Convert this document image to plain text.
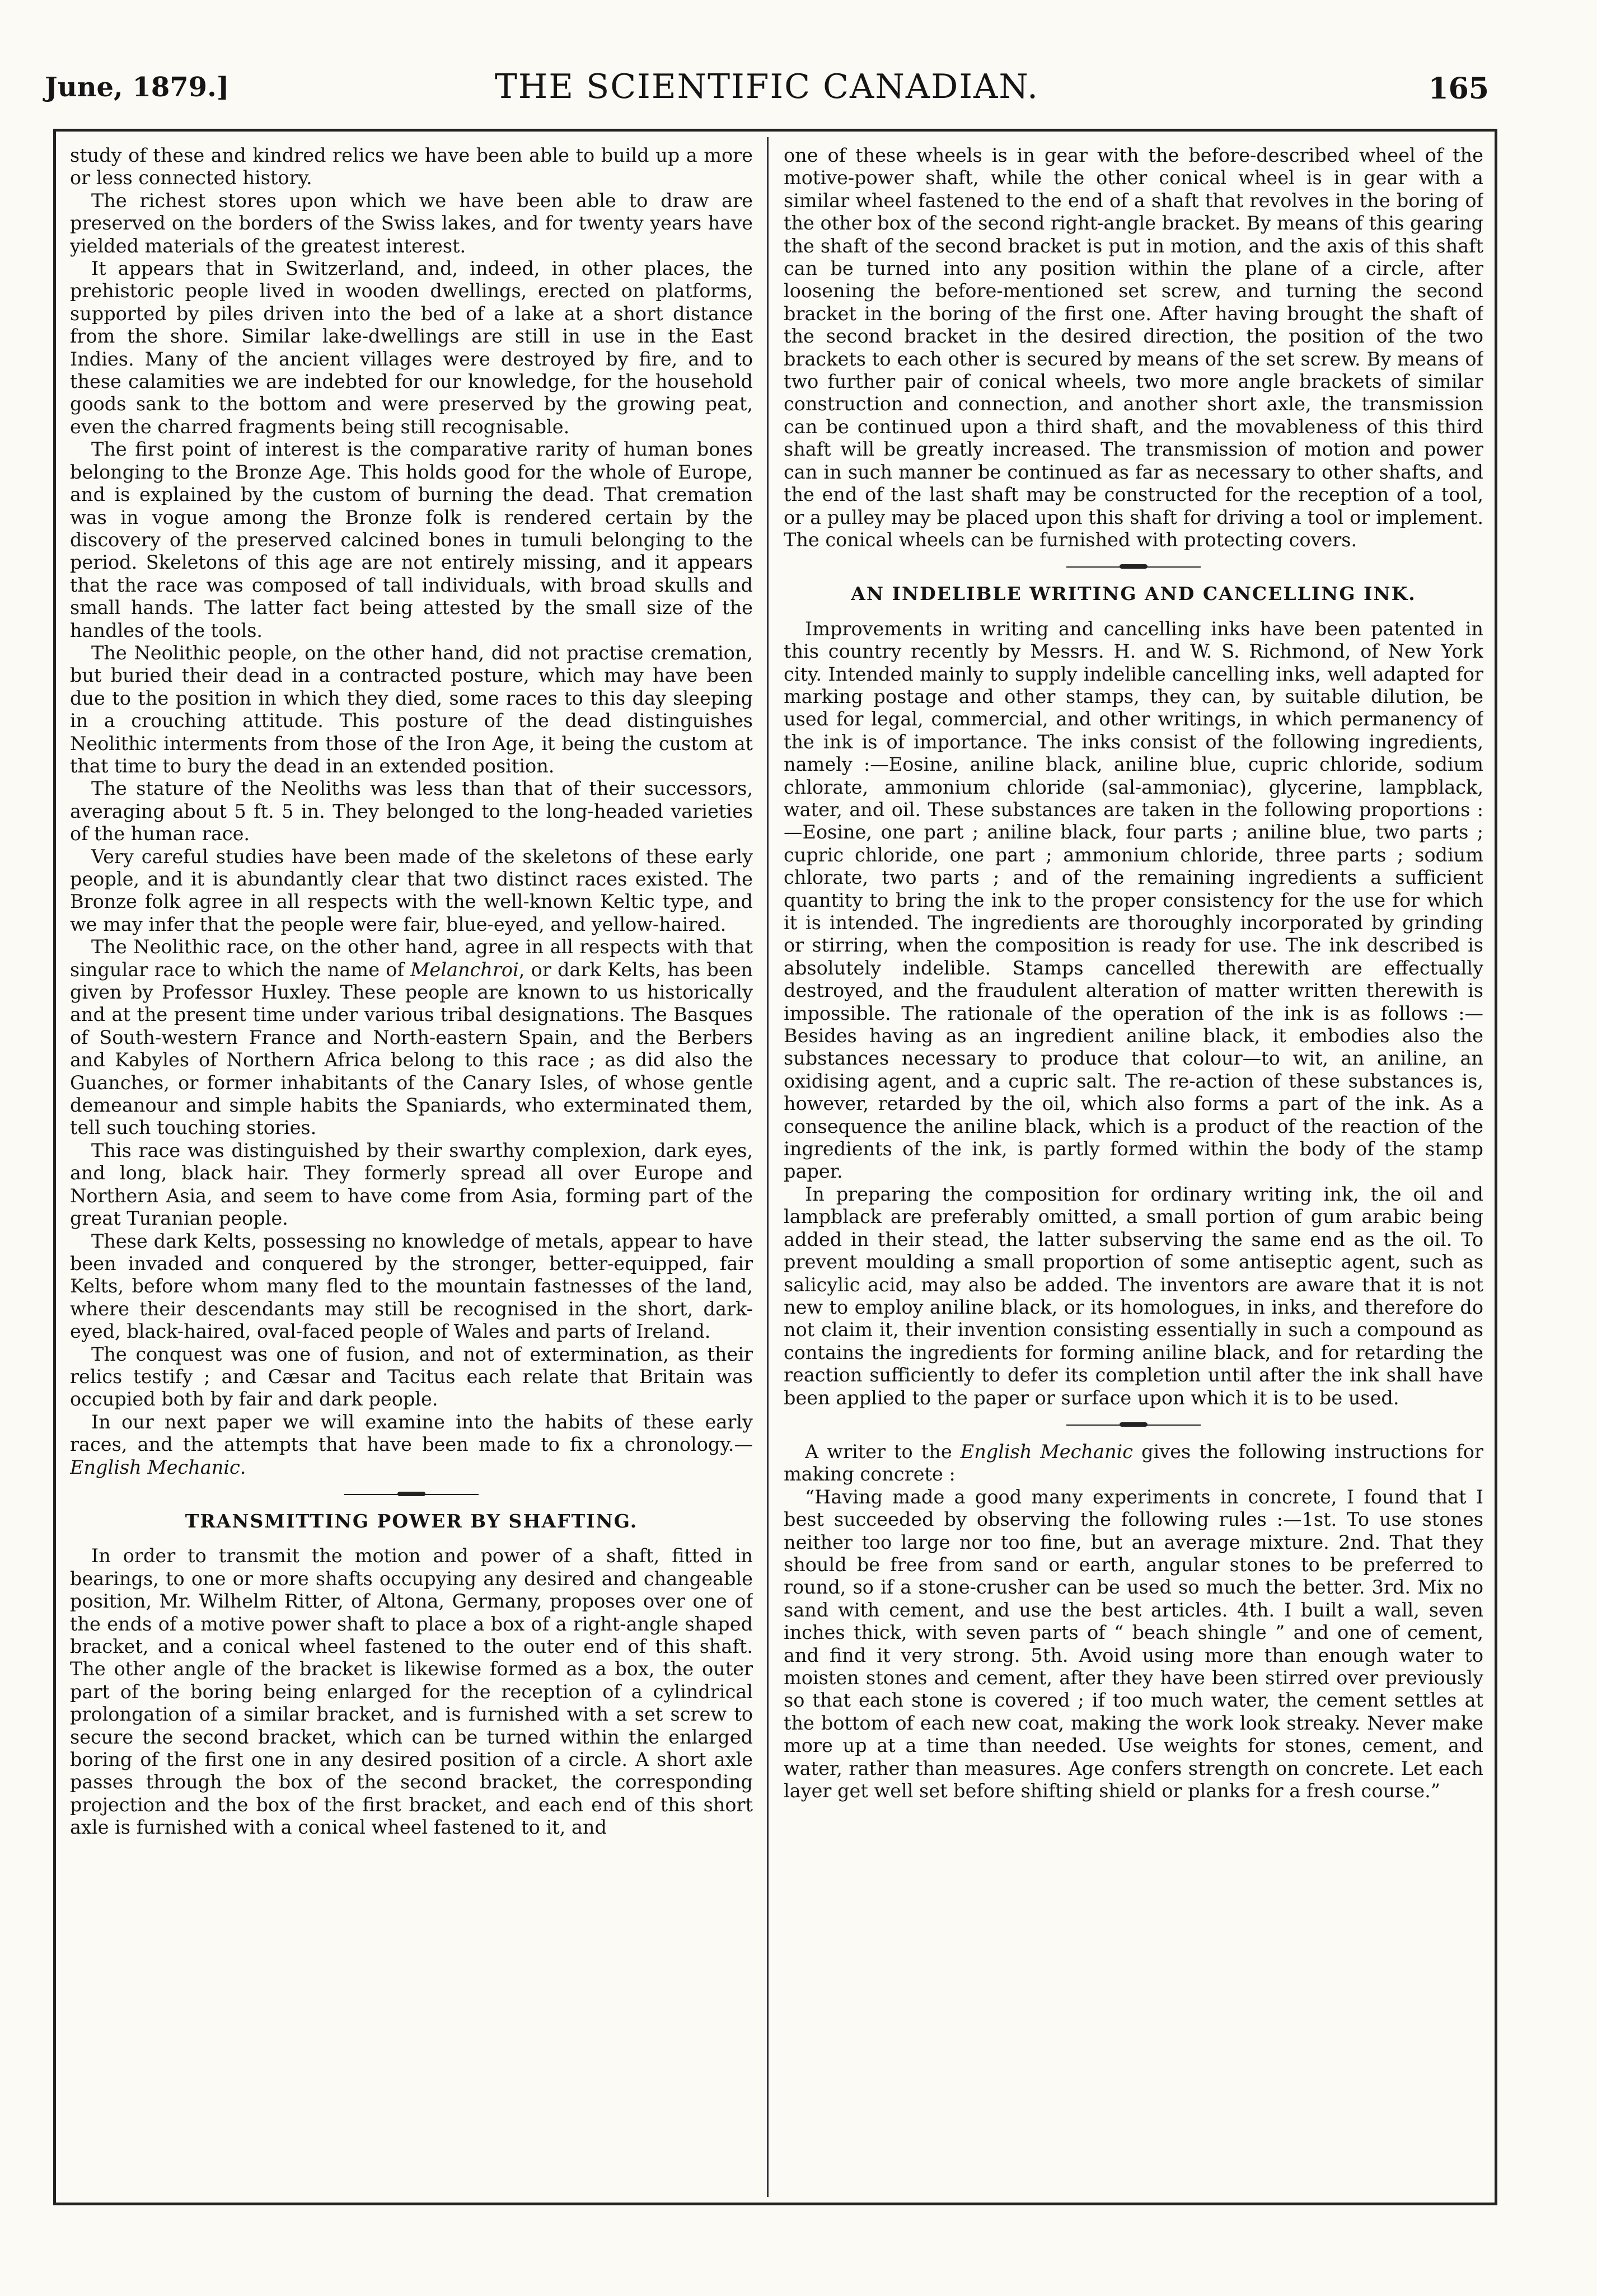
June, 1879.]	THE SCIENTIFIC CANADIAN.	165

study of these and kindred relics we have been able to build up a more or less connected history.

The richest stores upon which we have been able to draw are preserved on the borders of the Swiss lakes, and for twenty years have yielded materials of the greatest interest.

It appears that in Switzerland, and, indeed, in other places, the prehistoric people lived in wooden dwellings, erected on platforms, supported by piles driven into the bed of a lake at a short distance from the shore. Similar lake-dwellings are still in use in the East Indies. Many of the ancient villages were destroyed by fire, and to these calamities we are indebted for our knowledge, for the household goods sank to the bottom and were preserved by the growing peat, even the charred fragments being still recognisable.

The first point of interest is the comparative rarity of human bones belonging to the Bronze Age. This holds good for the whole of Europe, and is explained by the custom of burning the dead. That cremation was in vogue among the Bronze folk is rendered certain by the discovery of the preserved calcined bones in tumuli belonging to the period. Skeletons of this age are not entirely missing, and it appears that the race was composed of tall individuals, with broad skulls and small hands. The latter fact being attested by the small size of the handles of the tools.

The Neolithic people, on the other hand, did not practise cremation, but buried their dead in a contracted posture, which may have been due to the position in which they died, some races to this day sleeping in a crouching attitude. This posture of the dead distinguishes Neolithic interments from those of the Iron Age, it being the custom at that time to bury the dead in an extended position.

The stature of the Neoliths was less than that of their successors, averaging about 5 ft. 5 in. They belonged to the long-headed varieties of the human race.

Very careful studies have been made of the skeletons of these early people, and it is abundantly clear that two distinct races existed. The Bronze folk agree in all respects with the well-known Keltic type, and we may infer that the people were fair, blue-eyed, and yellow-haired.

The Neolithic race, on the other hand, agree in all respects with that singular race to which the name of Melanchroi, or dark Kelts, has been given by Professor Huxley. These people are known to us historically and at the present time under various tribal designations. The Basques of South-western France and North-eastern Spain, and the Berbers and Kabyles of Northern Africa belong to this race ; as did also the Guanches, or former inhabitants of the Canary Isles, of whose gentle demeanour and simple habits the Spaniards, who exterminated them, tell such touching stories.

This race was distinguished by their swarthy complexion, dark eyes, and long, black hair. They formerly spread all over Europe and Northern Asia, and seem to have come from Asia, forming part of the great Turanian people.

These dark Kelts, possessing no knowledge of metals, appear to have been invaded and conquered by the stronger, better-equipped, fair Kelts, before whom many fled to the mountain fastnesses of the land, where their descendants may still be recognised in the short, dark-eyed, black-haired, oval-faced people of Wales and parts of Ireland.

The conquest was one of fusion, and not of extermination, as their relics testify ; and Cæsar and Tacitus each relate that Britain was occupied both by fair and dark people.

In our next paper we will examine into the habits of these early races, and the attempts that have been made to fix a chronology.—English Mechanic.

TRANSMITTING POWER BY SHAFTING.

In order to transmit the motion and power of a shaft, fitted in bearings, to one or more shafts occupying any desired and changeable position, Mr. Wilhelm Ritter, of Altona, Germany, proposes over one of the ends of a motive power shaft to place a box of a right-angle shaped bracket, and a conical wheel fastened to the outer end of this shaft. The other angle of the bracket is likewise formed as a box, the outer part of the boring being enlarged for the reception of a cylindrical prolongation of a similar bracket, and is furnished with a set screw to secure the second bracket, which can be turned within the enlarged boring of the first one in any desired position of a circle. A short axle passes through the box of the second bracket, the corresponding projection and the box of the first bracket, and each end of this short axle is furnished with a conical wheel fastened to it, and

one of these wheels is in gear with the before-described wheel of the motive-power shaft, while the other conical wheel is in gear with a similar wheel fastened to the end of a shaft that revolves in the boring of the other box of the second right-angle bracket. By means of this gearing the shaft of the second bracket is put in motion, and the axis of this shaft can be turned into any position within the plane of a circle, after loosening the before-mentioned set screw, and turning the second bracket in the boring of the first one. After having brought the shaft of the second bracket in the desired direction, the position of the two brackets to each other is secured by means of the set screw. By means of two further pair of conical wheels, two more angle brackets of similar construction and connection, and another short axle, the transmission can be continued upon a third shaft, and the movableness of this third shaft will be greatly increased. The transmission of motion and power can in such manner be continued as far as necessary to other shafts, and the end of the last shaft may be constructed for the reception of a tool, or a pulley may be placed upon this shaft for driving a tool or implement. The conical wheels can be furnished with protecting covers.

AN INDELIBLE WRITING AND CANCELLING INK.

Improvements in writing and cancelling inks have been patented in this country recently by Messrs. H. and W. S. Richmond, of New York city. Intended mainly to supply indelible cancelling inks, well adapted for marking postage and other stamps, they can, by suitable dilution, be used for legal, commercial, and other writings, in which permanency of the ink is of importance. The inks consist of the following ingredients, namely :—Eosine, aniline black, aniline blue, cupric chloride, sodium chlorate, ammonium chloride (sal-ammoniac), glycerine, lampblack, water, and oil. These substances are taken in the following proportions :—Eosine, one part ; aniline black, four parts ; aniline blue, two parts ; cupric chloride, one part ; ammonium chloride, three parts ; sodium chlorate, two parts ; and of the remaining ingredients a sufficient quantity to bring the ink to the proper consistency for the use for which it is intended. The ingredients are thoroughly incorporated by grinding or stirring, when the composition is ready for use. The ink described is absolutely indelible. Stamps cancelled therewith are effectually destroyed, and the fraudulent alteration of matter written therewith is impossible. The rationale of the operation of the ink is as follows :—Besides having as an ingredient aniline black, it embodies also the substances necessary to produce that colour—to wit, an aniline, an oxidising agent, and a cupric salt. The re-action of these substances is, however, retarded by the oil, which also forms a part of the ink. As a consequence the aniline black, which is a product of the reaction of the ingredients of the ink, is partly formed within the body of the stamp paper.

In preparing the composition for ordinary writing ink, the oil and lampblack are preferably omitted, a small portion of gum arabic being added in their stead, the latter subserving the same end as the oil. To prevent moulding a small proportion of some antiseptic agent, such as salicylic acid, may also be added. The inventors are aware that it is not new to employ aniline black, or its homologues, in inks, and therefore do not claim it, their invention consisting essentially in such a compound as contains the ingredients for forming aniline black, and for retarding the reaction sufficiently to defer its completion until after the ink shall have been applied to the paper or surface upon which it is to be used.

A writer to the English Mechanic gives the following instructions for making concrete :

“Having made a good many experiments in concrete, I found that I best succeeded by observing the following rules :—1st. To use stones neither too large nor too fine, but an average mixture. 2nd. That they should be free from sand or earth, angular stones to be preferred to round, so if a stone-crusher can be used so much the better. 3rd. Mix no sand with cement, and use the best articles. 4th. I built a wall, seven inches thick, with seven parts of “ beach shingle ” and one of cement, and find it very strong. 5th. Avoid using more than enough water to moisten stones and cement, after they have been stirred over previously so that each stone is covered ; if too much water, the cement settles at the bottom of each new coat, making the work look streaky. Never make more up at a time than needed. Use weights for stones, cement, and water, rather than measures. Age confers strength on concrete. Let each layer get well set before shifting shield or planks for a fresh course.”
